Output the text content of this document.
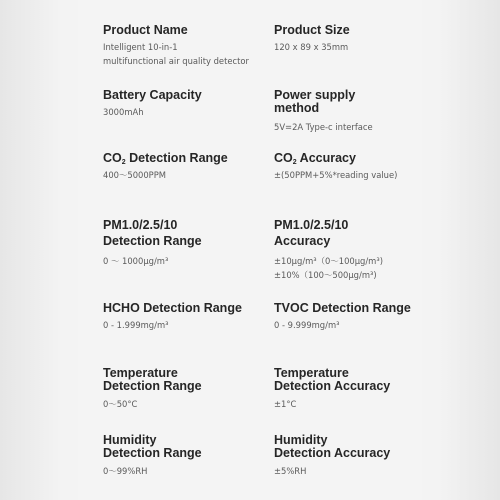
Product Name
Intelligent 10-in-1
multifunctional air quality detector
Product Size
120 x 89 x 35mm
Battery Capacity
3000mAh
Power supply
method
5V=2A Type-c interface
$CO_2$ Detection Range
400～5000PPM
$CO_2$ Accuracy
±(50PPM+5%*reading value)
PM1.0/2.5/10
Detection Range
0 ～ 1000μg/m³
PM1.0/2.5/10
Accuracy
±10μg/m³（0～100μg/m³)
±10%（100～500μg/m³)
HCHO Detection Range
0 - 1.999mg/m³
TVOC Detection Range
0 - 9.999mg/m³
Temperature
Detection Range
0～50°C
Temperature
Detection Accuracy
±1°C
Humidity
Detection Range
0～99%RH
Humidity
Detection Accuracy
±5%RH
